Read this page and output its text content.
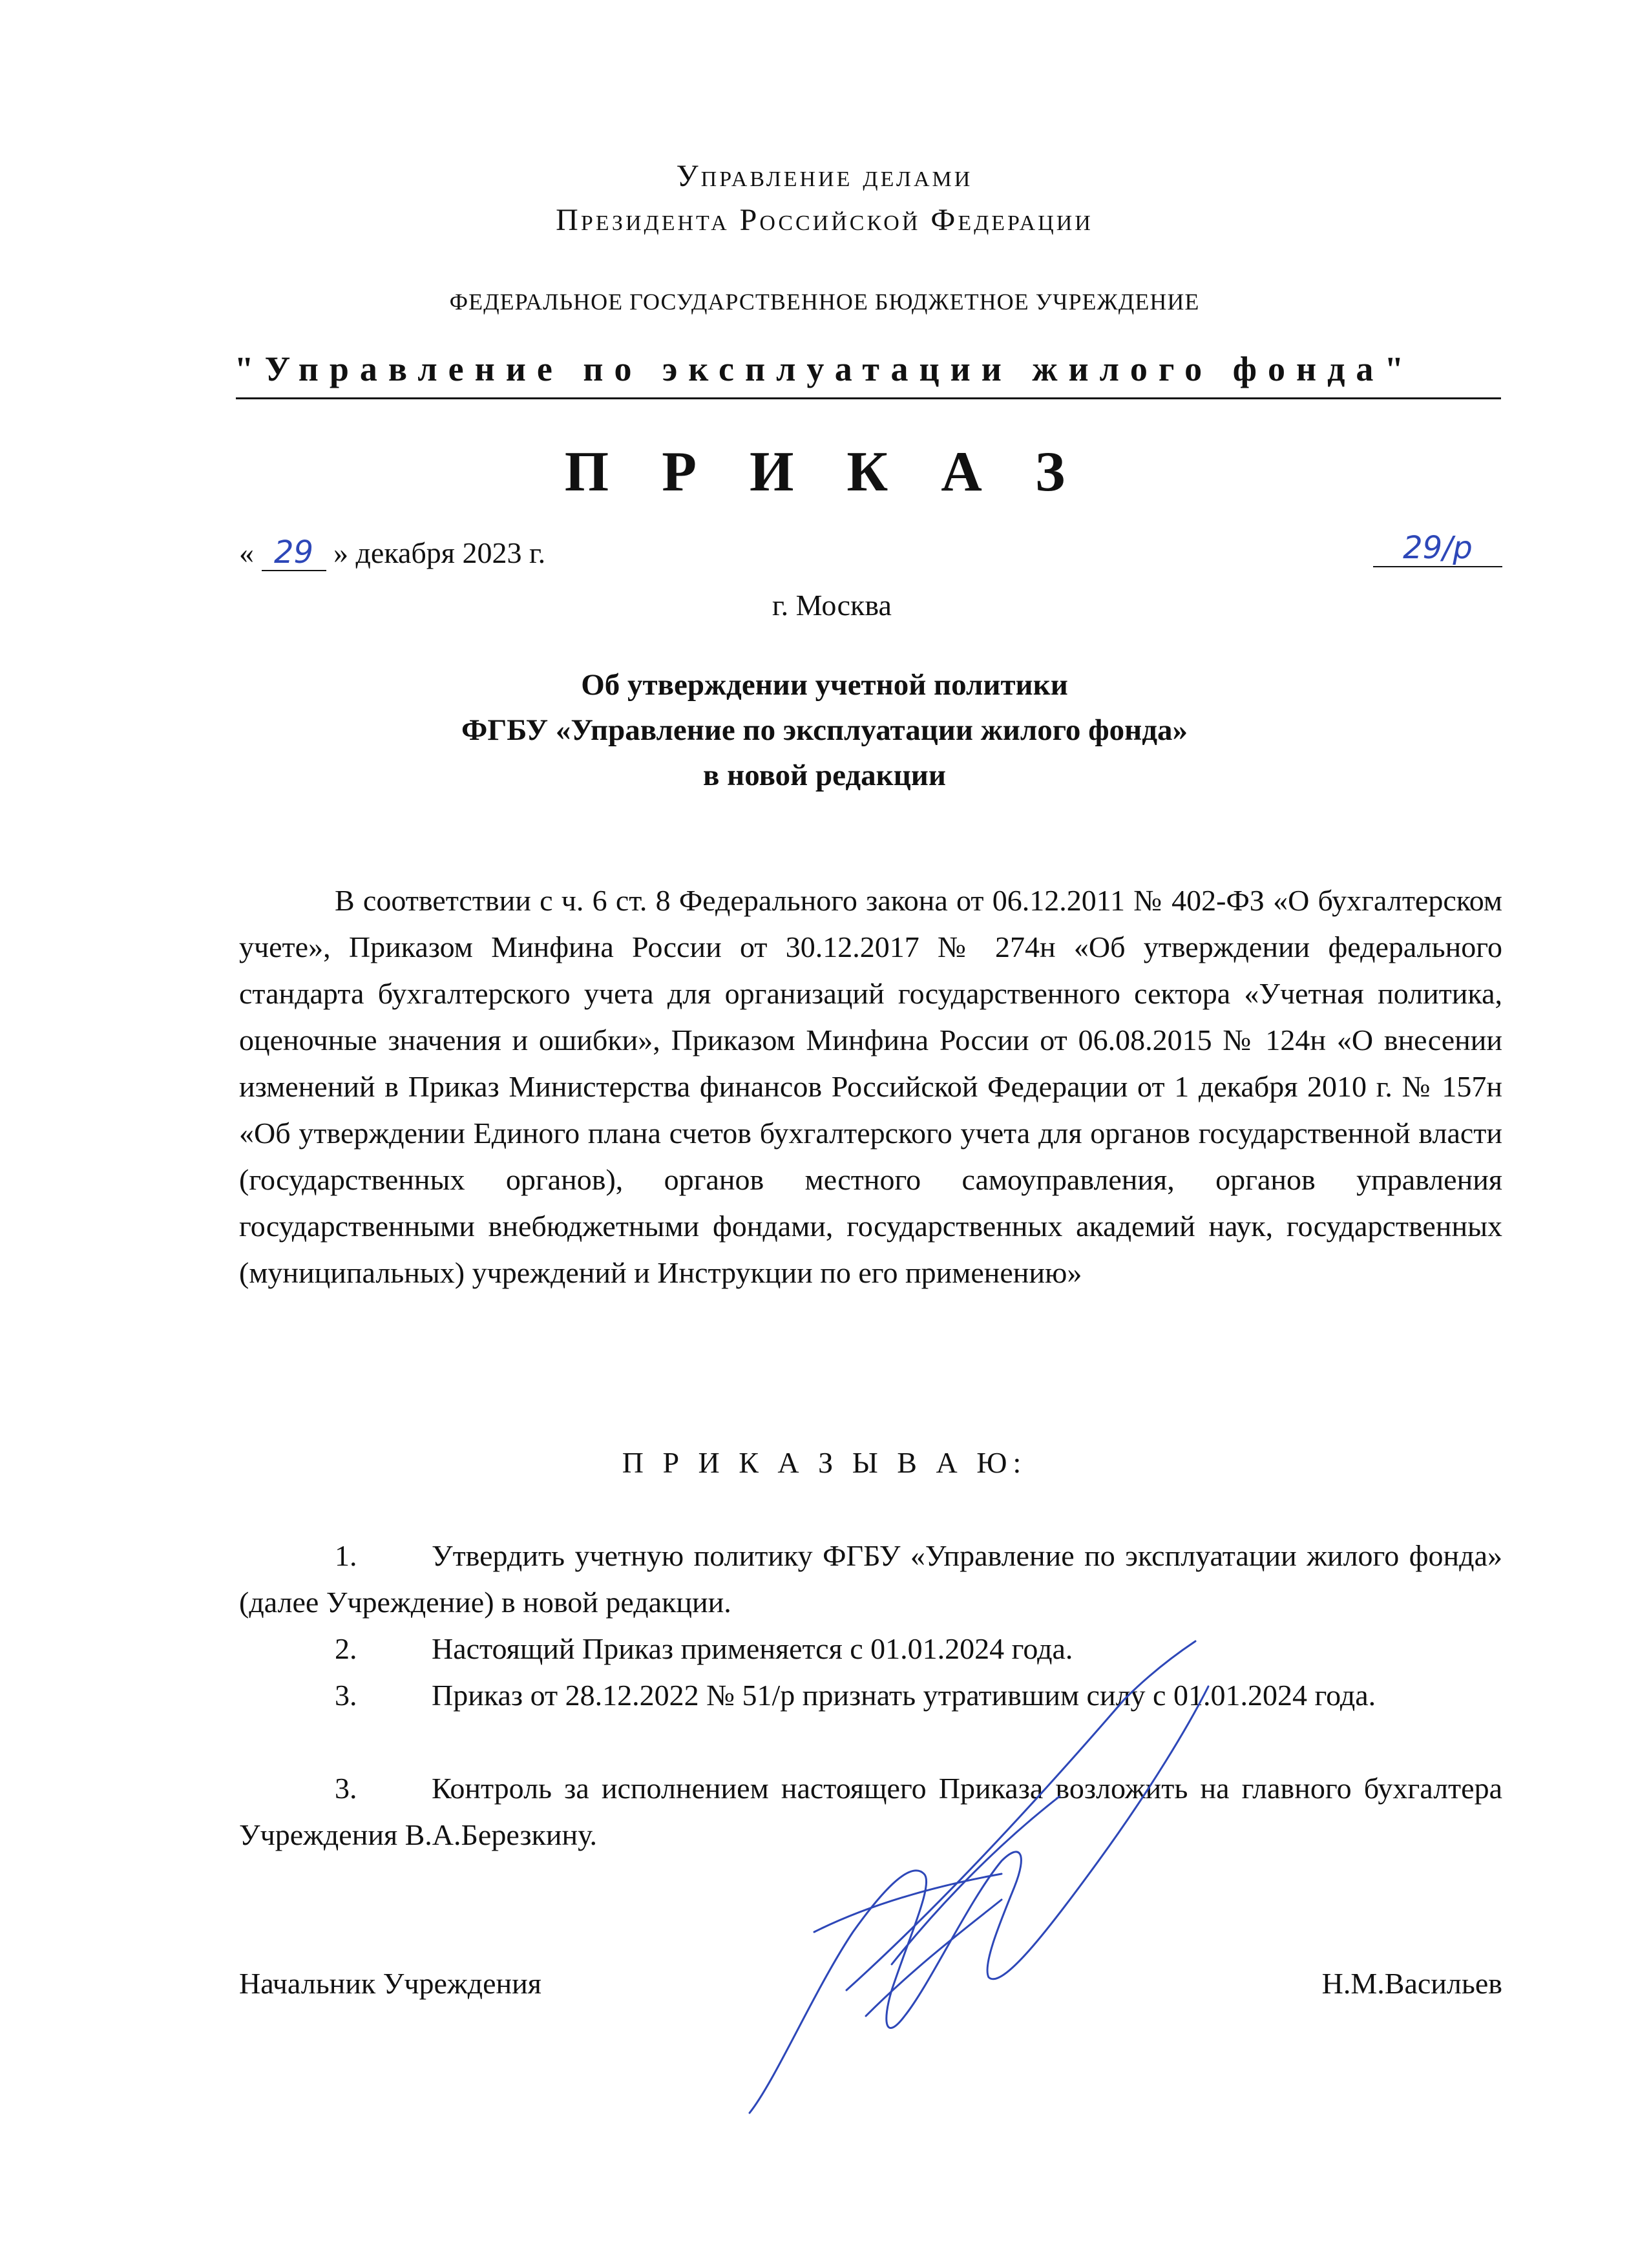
Управление делами
Президента Российской Федерации
ФЕДЕРАЛЬНОЕ ГОСУДАРСТВЕННОЕ БЮДЖЕТНОЕ УЧРЕЖДЕНИЕ
"Управление по эксплуатации жилого фонда"
П Р И К А З
« 29 » декабря 2023 г.	29/р
г. Москва
Об утверждении учетной политики
ФГБУ «Управление по эксплуатации жилого фонда»
в новой редакции

В соответствии с ч. 6 ст. 8 Федерального закона от 06.12.2011 № 402-ФЗ «О бухгалтерском учете», Приказом Минфина России от 30.12.2017 № 274н «Об утверждении федерального стандарта бухгалтерского учета для организаций государственного сектора «Учетная политика, оценочные значения и ошибки», Приказом Минфина России от 06.08.2015 № 124н «О внесении изменений в Приказ Министерства финансов Российской Федерации от 1 декабря 2010 г. № 157н «Об утверждении Единого плана счетов бухгалтерского учета для органов государственной власти (государственных органов), органов местного самоуправления, органов управления государственными внебюджетными фондами, государственных академий наук, государственных (муниципальных) учреждений и Инструкции по его применению»

П Р И К А З Ы В А Ю:

1.	Утвердить учетную политику ФГБУ «Управление по эксплуатации жилого фонда» (далее Учреждение) в новой редакции.

2.	Настоящий Приказ применяется с 01.01.2024 года.

3.	Приказ от 28.12.2022 № 51/р признать утратившим силу с 01.01.2024 года.

3.	Контроль за исполнением настоящего Приказа возложить на главного бухгалтера Учреждения В.А.Березкину.

Начальник Учреждения	Н.М.Васильев
